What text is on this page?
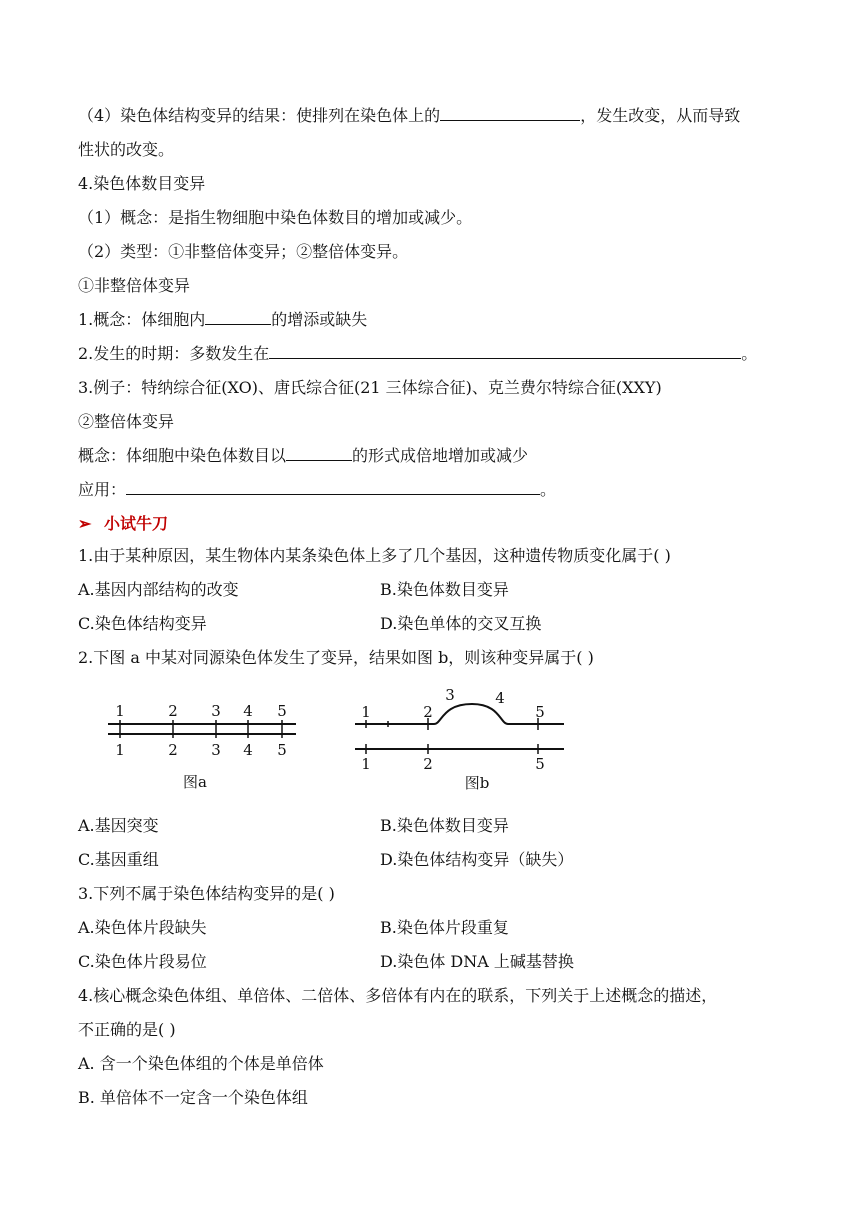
（4）染色体结构变异的结果：使排列在染色体上的	，发生改变，从而导致
性状的改变。
4.染色体数目变异
（1）概念：是指生物细胞中染色体数目的增加或减少。
（2）类型：①非整倍体变异；②整倍体变异。
①非整倍体变异
1.概念：体细胞内	的增添或缺失
2.发生的时期：多数发生在	。
3.例子：特纳综合征(XO)、唐氏综合征(21 三体综合征)、克兰费尔特综合征(XXY)
②整倍体变异
概念：体细胞中染色体数目以	的形式成倍地增加或减少
应用：	。
➢ 小试牛刀
1.由于某种原因，某生物体内某条染色体上多了几个基因，这种遗传物质变化属于( )
A.基因内部结构的改变	B.染色体数目变异
C.染色体结构变异	D.染色单体的交叉互换
2.下图 a 中某对同源染色体发生了变异，结果如图 b，则该种变异属于( )
1	2 3 4 5
1	2 3 4 5
图a
1	2
3	4
5
1	2	5
图b
A.基因突变	B.染色体数目变异
C.基因重组	D.染色体结构变异（缺失）
3.下列不属于染色体结构变异的是( )
A.染色体片段缺失	B.染色体片段重复
C.染色体片段易位	D.染色体 DNA 上碱基替换
4.核心概念染色体组、单倍体、二倍体、多倍体有内在的联系，下列关于上述概念的描述，
不正确的是( )
A. 含一个染色体组的个体是单倍体
B. 单倍体不一定含一个染色体组
